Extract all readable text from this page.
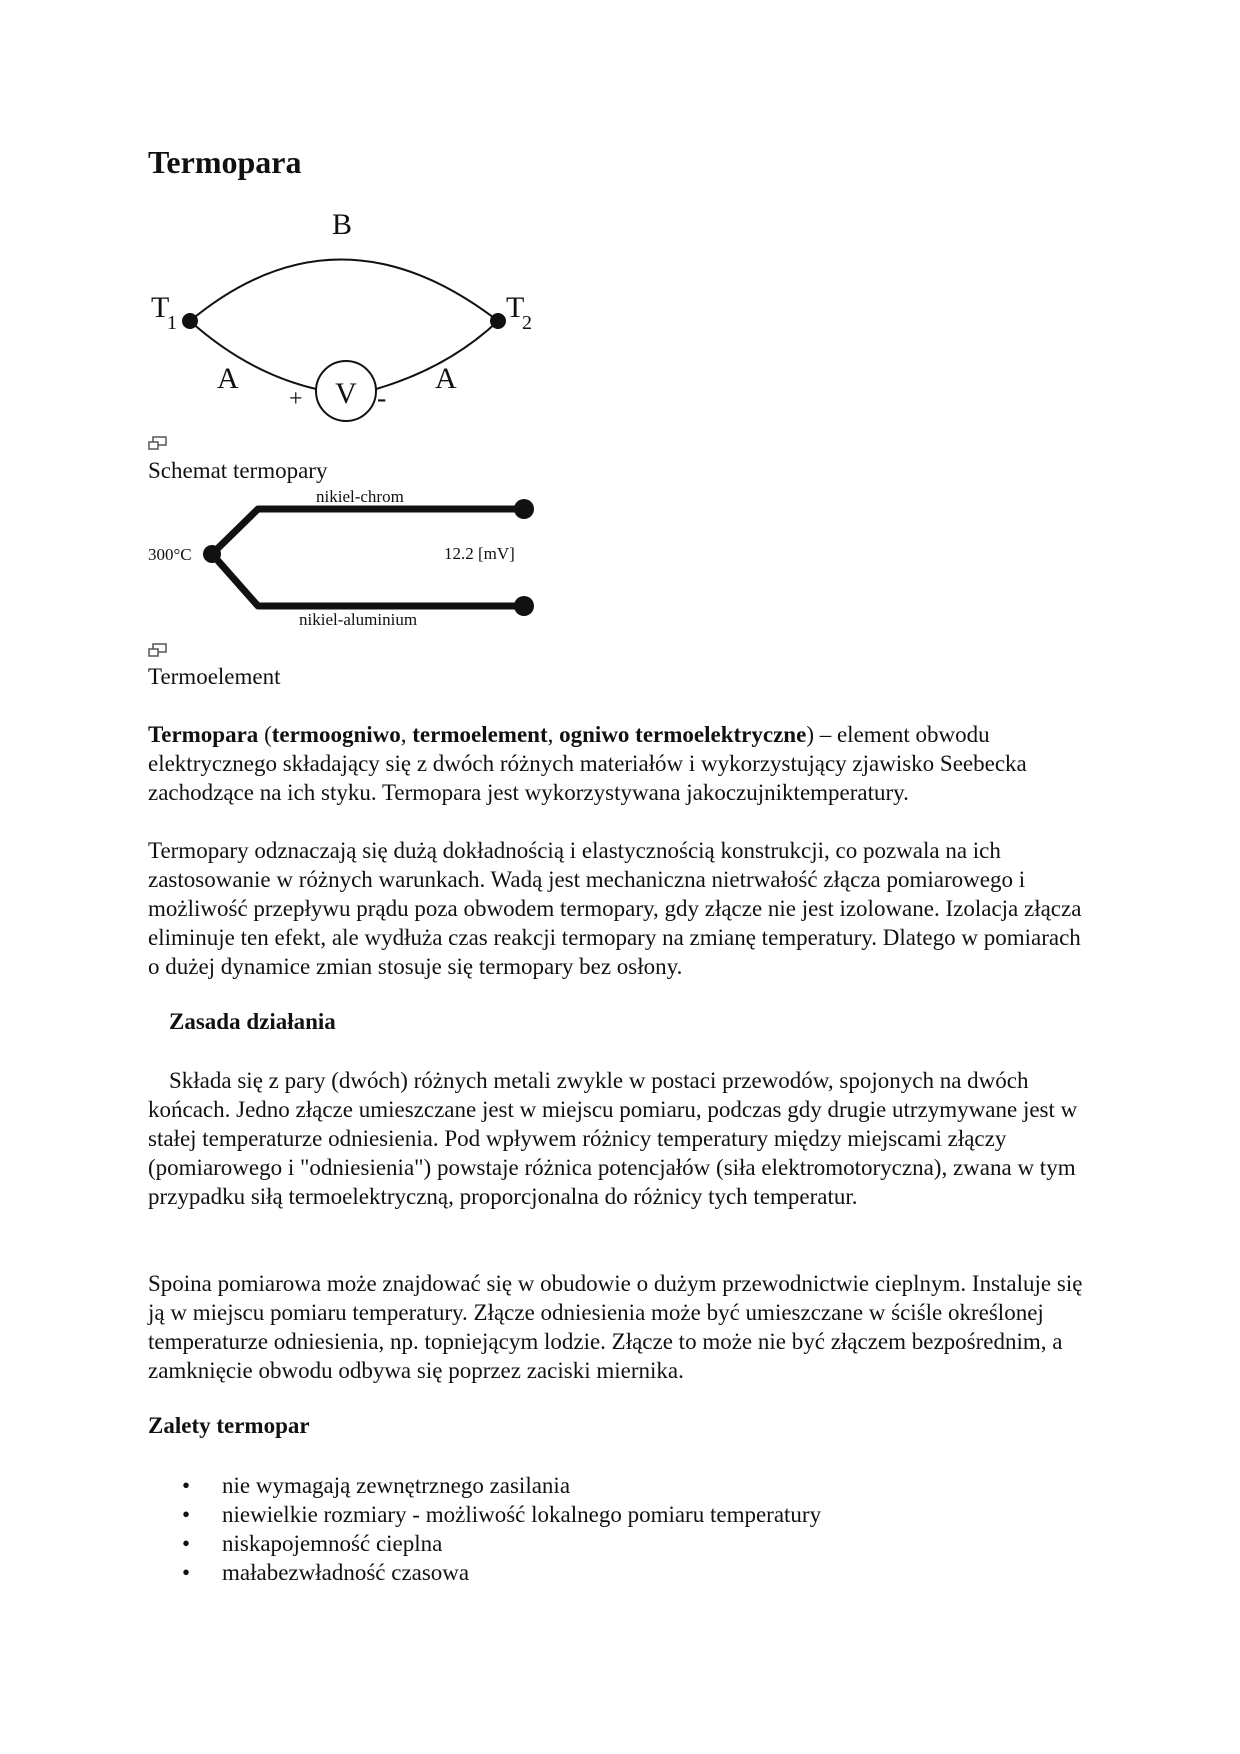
Termopara
V
B
T
1	T
2
A	A
+	-
Schemat termopary
nikiel-chrom
nikiel-aluminium
300°C	12.2 [mV]
Termoelement

Termopara (termoogniwo, termoelement, ogniwo termoelektryczne) – element obwodu elektrycznego składający się z dwóch różnych materiałów i wykorzystujący zjawisko Seebecka zachodzące na ich styku. Termopara jest wykorzystywana jakoczujniktemperatury.

Termopary odznaczają się dużą dokładnością i elastycznością konstrukcji, co pozwala na ich zastosowanie w różnych warunkach. Wadą jest mechaniczna nietrwałość złącza pomiarowego i możliwość przepływu prądu poza obwodem termopary, gdy złącze nie jest izolowane. Izolacja złącza eliminuje ten efekt, ale wydłuża czas reakcji termopary na zmianę temperatury. Dlatego w pomiarach o dużej dynamice zmian stosuje się termopary bez osłony.

Zasada działania

Składa się z pary (dwóch) różnych metali zwykle w postaci przewodów, spojonych na dwóch końcach. Jedno złącze umieszczane jest w miejscu pomiaru, podczas gdy drugie utrzymywane jest w stałej temperaturze odniesienia. Pod wpływem różnicy temperatury między miejscami złączy (pomiarowego i "odniesienia") powstaje różnica potencjałów (siła elektromotoryczna), zwana w tym przypadku siłą termoelektryczną, proporcjonalna do różnicy tych temperatur.

Spoina pomiarowa może znajdować się w obudowie o dużym przewodnictwie cieplnym. Instaluje się ją w miejscu pomiaru temperatury. Złącze odniesienia może być umieszczane w ściśle określonej temperaturze odniesienia, np. topniejącym lodzie. Złącze to może nie być złączem bezpośrednim, a zamknięcie obwodu odbywa się poprzez zaciski miernika.

Zalety termopar
• nie wymagają zewnętrznego zasilania
• niewielkie rozmiary - możliwość lokalnego pomiaru temperatury
• niskapojemność cieplna
• małabezwładność czasowa
